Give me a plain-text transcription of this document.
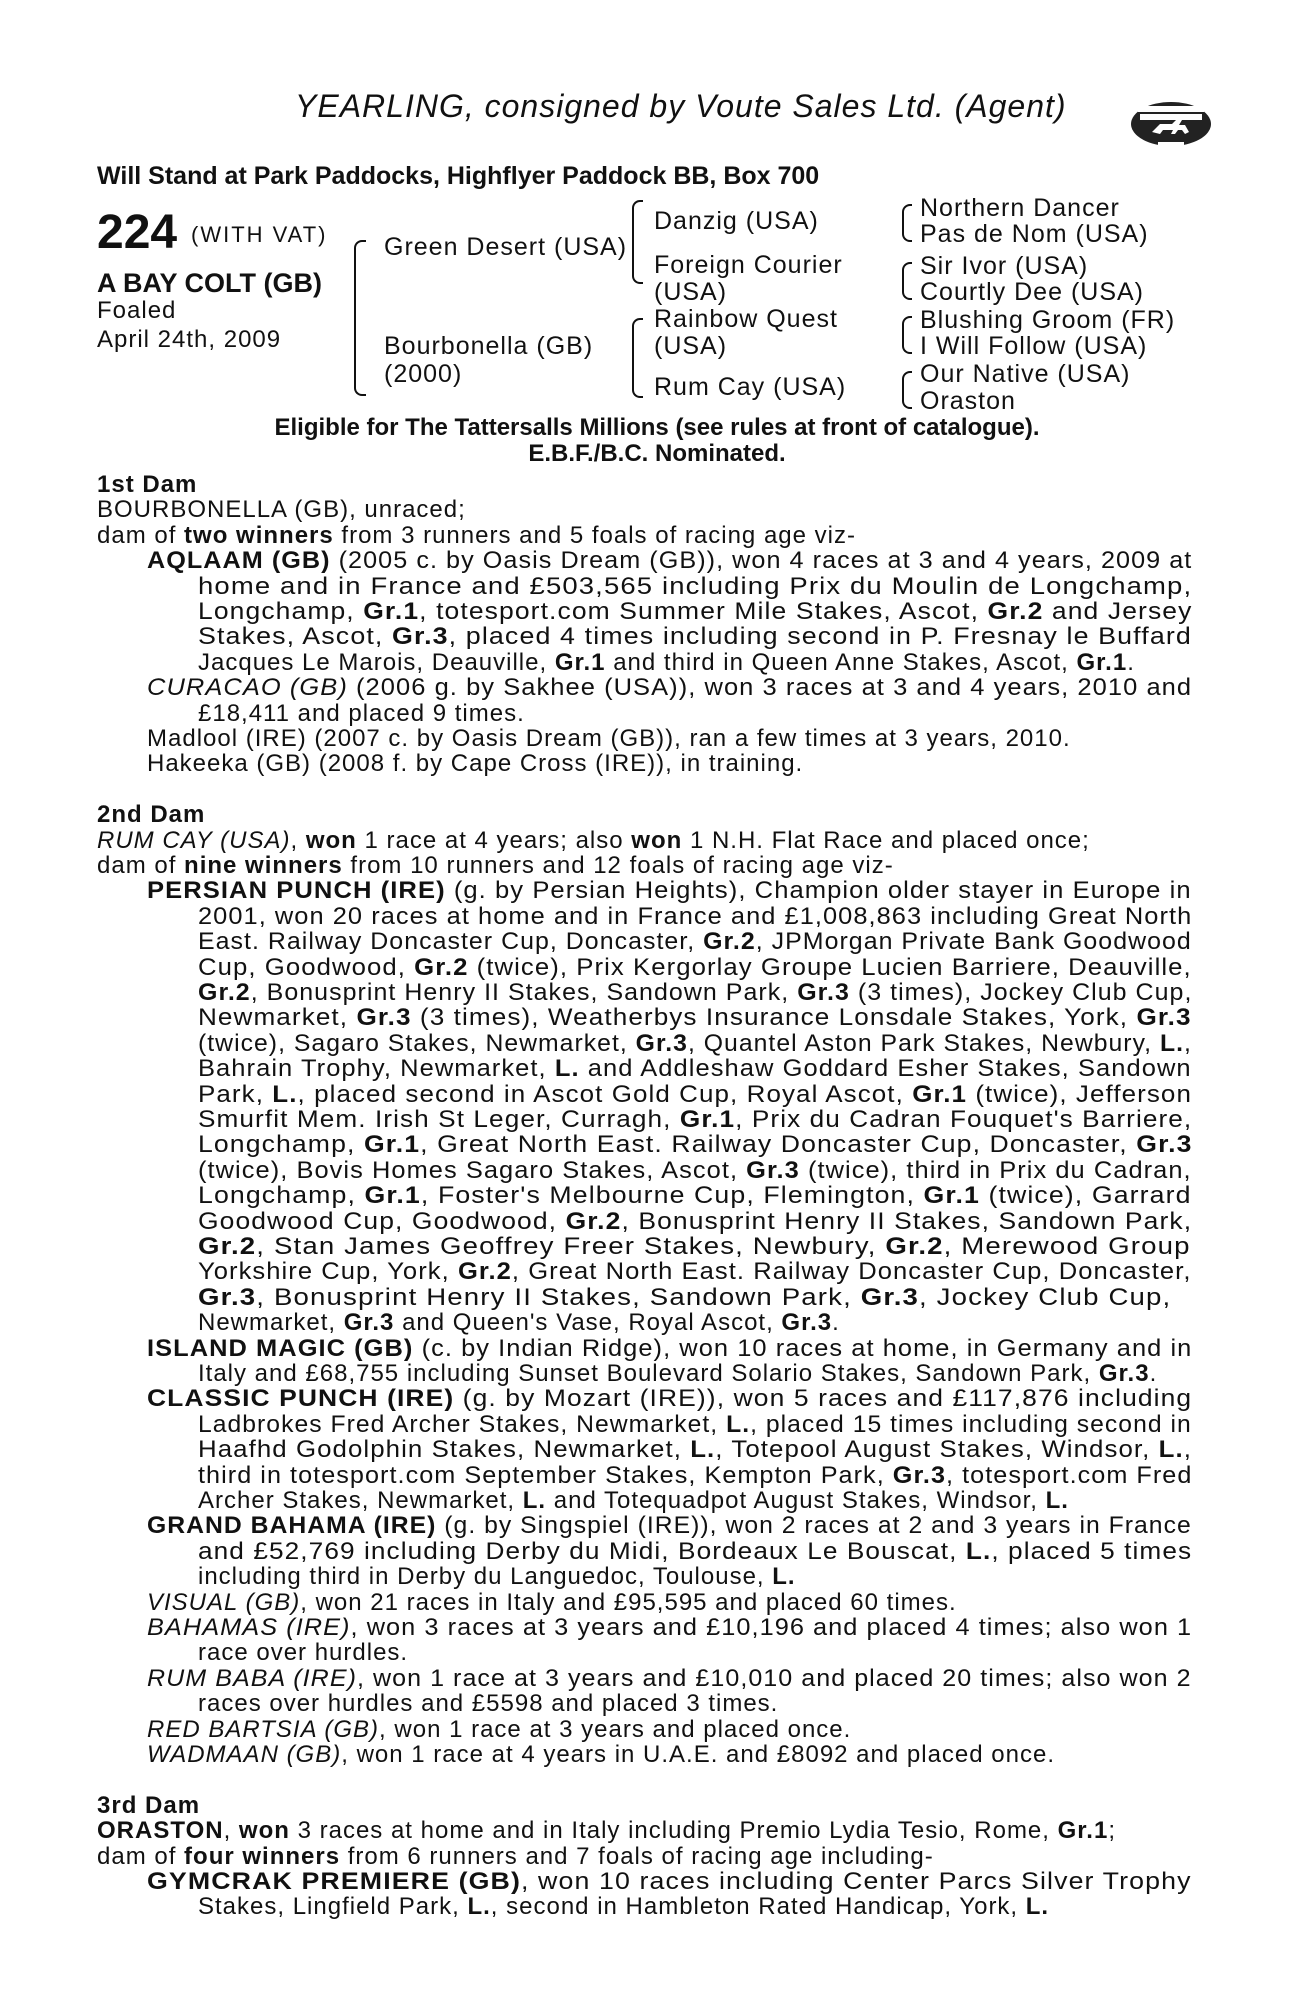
YEARLING, consigned by Voute Sales Ltd. (Agent)
Will Stand at Park Paddocks, Highflyer Paddock BB, Box 700
224 (WITH VAT)
A BAY COLT (GB)
Foaled
April 24th, 2009
Green Desert (USA)
Bourbonella (GB)
(2000)
Danzig (USA)
Foreign Courier
(USA)
Rainbow Quest
(USA)
Rum Cay (USA)
Northern Dancer
Pas de Nom (USA)
Sir Ivor (USA)
Courtly Dee (USA)
Blushing Groom (FR)
I Will Follow (USA)
Our Native (USA)
Oraston
Eligible for The Tattersalls Millions (see rules at front of catalogue).
E.B.F./B.C. Nominated.
1st Dam
BOURBONELLA (GB), unraced;
dam of two winners from 3 runners and 5 foals of racing age viz-
AQLAAM (GB) (2005 c. by Oasis Dream (GB)), won 4 races at 3 and 4 years, 2009 at
home and in France and £503,565 including Prix du Moulin de Longchamp,
Longchamp, Gr.1, totesport.com Summer Mile Stakes, Ascot, Gr.2 and Jersey
Stakes, Ascot, Gr.3, placed 4 times including second in P. Fresnay le Buffard
Jacques Le Marois, Deauville, Gr.1 and third in Queen Anne Stakes, Ascot, Gr.1.
CURACAO (GB) (2006 g. by Sakhee (USA)), won 3 races at 3 and 4 years, 2010 and
£18,411 and placed 9 times.
Madlool (IRE) (2007 c. by Oasis Dream (GB)), ran a few times at 3 years, 2010.
Hakeeka (GB) (2008 f. by Cape Cross (IRE)), in training.
2nd Dam
RUM CAY (USA), won 1 race at 4 years; also won 1 N.H. Flat Race and placed once;
dam of nine winners from 10 runners and 12 foals of racing age viz-
PERSIAN PUNCH (IRE) (g. by Persian Heights), Champion older stayer in Europe in
2001, won 20 races at home and in France and £1,008,863 including Great North
East. Railway Doncaster Cup, Doncaster, Gr.2, JPMorgan Private Bank Goodwood
Cup, Goodwood, Gr.2 (twice), Prix Kergorlay Groupe Lucien Barriere, Deauville,
Gr.2, Bonusprint Henry II Stakes, Sandown Park, Gr.3 (3 times), Jockey Club Cup,
Newmarket, Gr.3 (3 times), Weatherbys Insurance Lonsdale Stakes, York, Gr.3
(twice), Sagaro Stakes, Newmarket, Gr.3, Quantel Aston Park Stakes, Newbury, L.,
Bahrain Trophy, Newmarket, L. and Addleshaw Goddard Esher Stakes, Sandown
Park, L., placed second in Ascot Gold Cup, Royal Ascot, Gr.1 (twice), Jefferson
Smurfit Mem. Irish St Leger, Curragh, Gr.1, Prix du Cadran Fouquet's Barriere,
Longchamp, Gr.1, Great North East. Railway Doncaster Cup, Doncaster, Gr.3
(twice), Bovis Homes Sagaro Stakes, Ascot, Gr.3 (twice), third in Prix du Cadran,
Longchamp, Gr.1, Foster's Melbourne Cup, Flemington, Gr.1 (twice), Garrard
Goodwood Cup, Goodwood, Gr.2, Bonusprint Henry II Stakes, Sandown Park,
Gr.2, Stan James Geoffrey Freer Stakes, Newbury, Gr.2, Merewood Group
Yorkshire Cup, York, Gr.2, Great North East. Railway Doncaster Cup, Doncaster,
Gr.3, Bonusprint Henry II Stakes, Sandown Park, Gr.3, Jockey Club Cup,
Newmarket, Gr.3 and Queen's Vase, Royal Ascot, Gr.3.
ISLAND MAGIC (GB) (c. by Indian Ridge), won 10 races at home, in Germany and in
Italy and £68,755 including Sunset Boulevard Solario Stakes, Sandown Park, Gr.3.
CLASSIC PUNCH (IRE) (g. by Mozart (IRE)), won 5 races and £117,876 including
Ladbrokes Fred Archer Stakes, Newmarket, L., placed 15 times including second in
Haafhd Godolphin Stakes, Newmarket, L., Totepool August Stakes, Windsor, L.,
third in totesport.com September Stakes, Kempton Park, Gr.3, totesport.com Fred
Archer Stakes, Newmarket, L. and Totequadpot August Stakes, Windsor, L.
GRAND BAHAMA (IRE) (g. by Singspiel (IRE)), won 2 races at 2 and 3 years in France
and £52,769 including Derby du Midi, Bordeaux Le Bouscat, L., placed 5 times
including third in Derby du Languedoc, Toulouse, L.
VISUAL (GB), won 21 races in Italy and £95,595 and placed 60 times.
BAHAMAS (IRE), won 3 races at 3 years and £10,196 and placed 4 times; also won 1
race over hurdles.
RUM BABA (IRE), won 1 race at 3 years and £10,010 and placed 20 times; also won 2
races over hurdles and £5598 and placed 3 times.
RED BARTSIA (GB), won 1 race at 3 years and placed once.
WADMAAN (GB), won 1 race at 4 years in U.A.E. and £8092 and placed once.
3rd Dam
ORASTON, won 3 races at home and in Italy including Premio Lydia Tesio, Rome, Gr.1;
dam of four winners from 6 runners and 7 foals of racing age including-
GYMCRAK PREMIERE (GB), won 10 races including Center Parcs Silver Trophy
Stakes, Lingfield Park, L., second in Hambleton Rated Handicap, York, L.
